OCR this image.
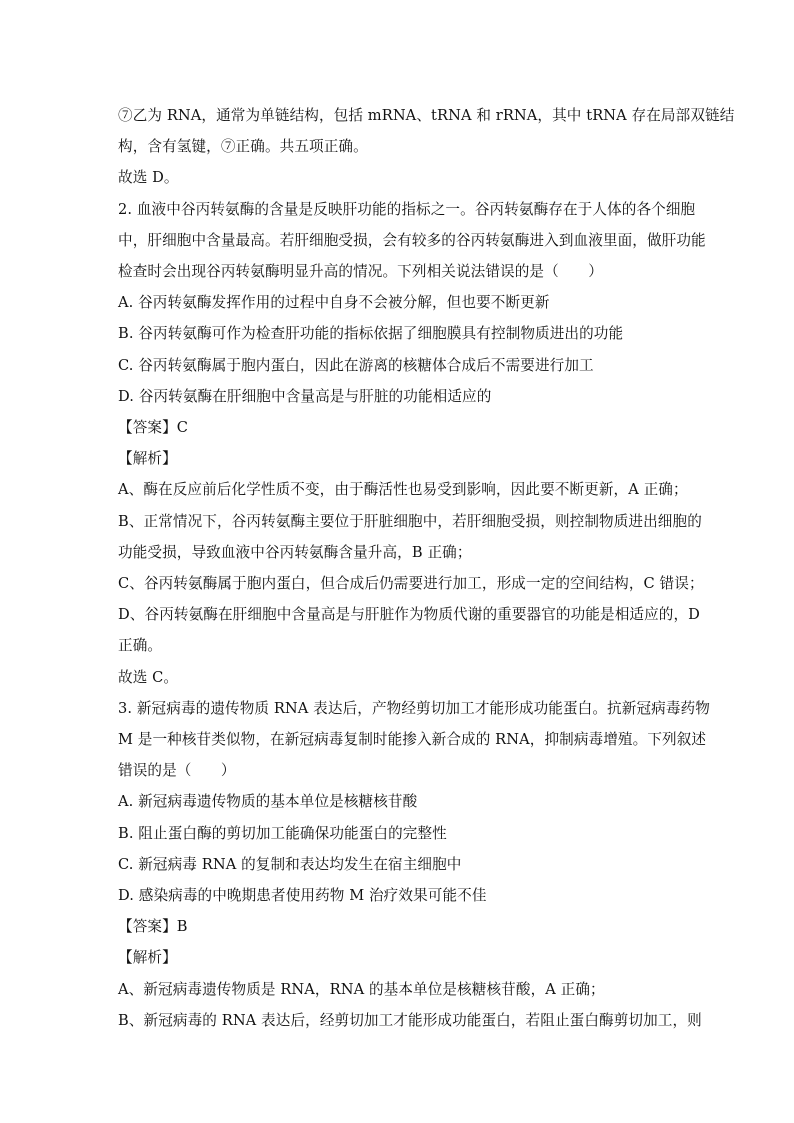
⑦乙为 RNA，通常为单链结构，包括 mRNA、tRNA 和 rRNA，其中 tRNA 存在局部双链结
构，含有氢键，⑦正确。共五项正确。
故选 D。
2. 血液中谷丙转氨酶的含量是反映肝功能的指标之一。谷丙转氨酶存在于人体的各个细胞
中，肝细胞中含量最高。若肝细胞受损，会有较多的谷丙转氨酶进入到血液里面，做肝功能
检查时会出现谷丙转氨酶明显升高的情况。下列相关说法错误的是（　　）
A. 谷丙转氨酶发挥作用的过程中自身不会被分解，但也要不断更新
B. 谷丙转氨酶可作为检查肝功能的指标依据了细胞膜具有控制物质进出的功能
C. 谷丙转氨酶属于胞内蛋白，因此在游离的核糖体合成后不需要进行加工
D. 谷丙转氨酶在肝细胞中含量高是与肝脏的功能相适应的
【答案】C
【解析】
A、酶在反应前后化学性质不变，由于酶活性也易受到影响，因此要不断更新，A 正确；
B、正常情况下，谷丙转氨酶主要位于肝脏细胞中，若肝细胞受损，则控制物质进出细胞的
功能受损，导致血液中谷丙转氨酶含量升高，B 正确；
C、谷丙转氨酶属于胞内蛋白，但合成后仍需要进行加工，形成一定的空间结构，C 错误；
D、谷丙转氨酶在肝细胞中含量高是与肝脏作为物质代谢的重要器官的功能是相适应的，D
正确。
故选 C。
3. 新冠病毒的遗传物质 RNA 表达后，产物经剪切加工才能形成功能蛋白。抗新冠病毒药物
M 是一种核苷类似物，在新冠病毒复制时能掺入新合成的 RNA，抑制病毒增殖。下列叙述
错误的是（　　）
A. 新冠病毒遗传物质的基本单位是核糖核苷酸
B. 阻止蛋白酶的剪切加工能确保功能蛋白的完整性
C. 新冠病毒 RNA 的复制和表达均发生在宿主细胞中
D. 感染病毒的中晚期患者使用药物 M 治疗效果可能不佳
【答案】B
【解析】
A、新冠病毒遗传物质是 RNA，RNA 的基本单位是核糖核苷酸，A 正确；
B、新冠病毒的 RNA 表达后，经剪切加工才能形成功能蛋白，若阻止蛋白酶剪切加工，则
